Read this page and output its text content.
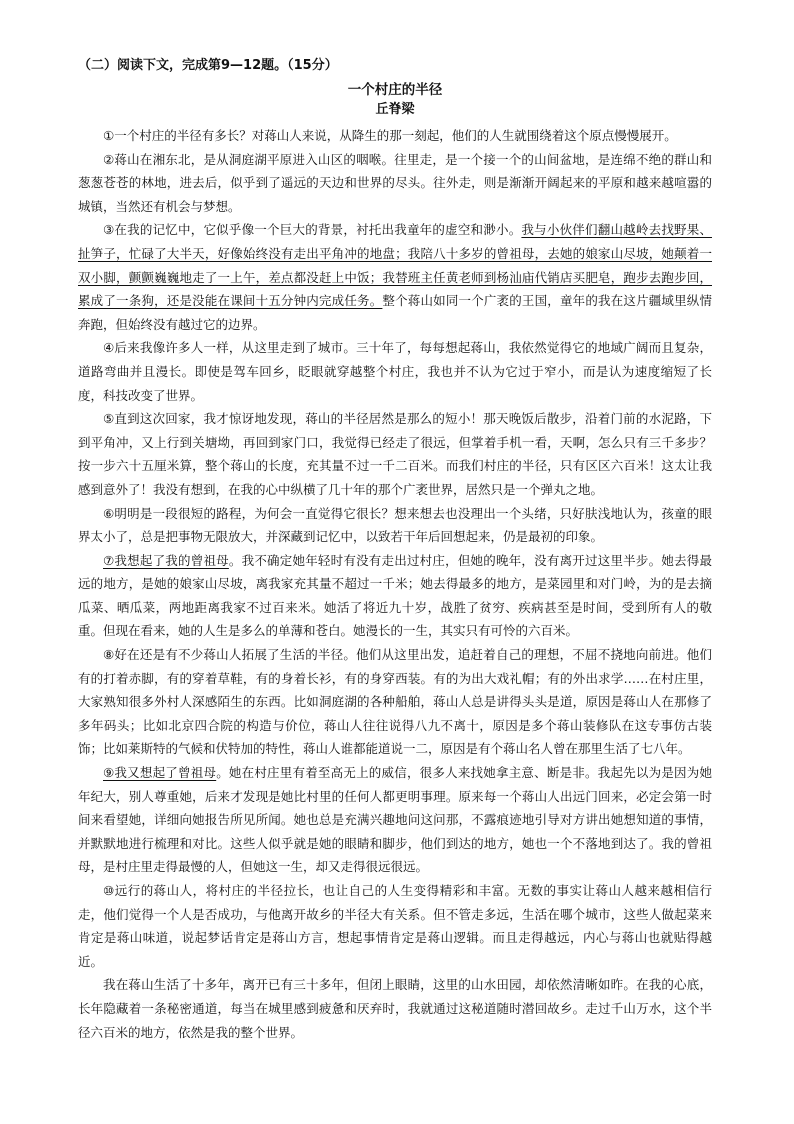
（二）阅读下文，完成第9—12题。（15分）

一个村庄的半径

丘脊梁

①一个村庄的半径有多长？对蒋山人来说，从降生的那一刻起，他们的人生就围绕着这个原点慢慢展开。

②蒋山在湘东北，是从洞庭湖平原进入山区的咽喉。往里走，是一个接一个的山间盆地，是连绵不绝的群山和葱葱苍苍的林地，进去后，似乎到了遥远的天边和世界的尽头。往外走，则是渐渐开阔起来的平原和越来越喧嚣的城镇，当然还有机会与梦想。

③在我的记忆中，它似乎像一个巨大的背景，衬托出我童年的虚空和渺小。我与小伙伴们翻山越岭去找野果、扯笋子，忙碌了大半天，好像始终没有走出平角冲的地盘；我陪八十多岁的曾祖母，去她的娘家山尽坡，她颠着一双小脚，颤颤巍巍地走了一上午，差点都没赶上中饭；我替班主任黄老师到杨汕庙代销店买肥皂，跑步去跑步回，累成了一条狗，还是没能在课间十五分钟内完成任务。整个蒋山如同一个广袤的王国，童年的我在这片疆域里纵情奔跑，但始终没有越过它的边界。

④后来我像许多人一样，从这里走到了城市。三十年了，每每想起蒋山，我依然觉得它的地域广阔而且复杂，道路弯曲并且漫长。即使是驾车回乡，眨眼就穿越整个村庄，我也并不认为它过于窄小，而是认为速度缩短了长度，科技改变了世界。

⑤直到这次回家，我才惊讶地发现，蒋山的半径居然是那么的短小！那天晚饭后散步，沿着门前的水泥路，下到平角冲，又上行到关塘坳，再回到家门口，我觉得已经走了很远，但掌着手机一看，天啊，怎么只有三千多步？按一步六十五厘米算，整个蒋山的长度，充其量不过一千二百米。而我们村庄的半径，只有区区六百米！这太让我感到意外了！我没有想到，在我的心中纵横了几十年的那个广袤世界，居然只是一个弹丸之地。

⑥明明是一段很短的路程，为何会一直觉得它很长？想来想去也没理出一个头绪，只好肤浅地认为，孩童的眼界太小了，总是把事物无限放大，并深藏到记忆中，以致若干年后回想起来，仍是最初的印象。

⑦我想起了我的曾祖母。我不确定她年轻时有没有走出过村庄，但她的晚年，没有离开过这里半步。她去得最远的地方，是她的娘家山尽坡，离我家充其量不超过一千米；她去得最多的地方，是菜园里和对门岭，为的是去摘瓜菜、晒瓜菜，两地距离我家不过百来米。她活了将近九十岁，战胜了贫穷、疾病甚至是时间，受到所有人的敬重。但现在看来，她的人生是多么的单薄和苍白。她漫长的一生，其实只有可怜的六百米。

⑧好在还是有不少蒋山人拓展了生活的半径。他们从这里出发，追赶着自己的理想，不屈不挠地向前进。他们有的打着赤脚，有的穿着草鞋，有的身着长衫，有的身穿西装。有的为出大戏礼帽；有的外出求学……在村庄里，大家熟知很多外村人深感陌生的东西。比如洞庭湖的各种船舶，蒋山人总是讲得头头是道，原因是蒋山人在那修了多年码头；比如北京四合院的构造与价位，蒋山人往往说得八九不离十，原因是多个蒋山装修队在这专事仿古装饰；比如莱斯特的气候和伏特加的特性，蒋山人谁都能道说一二，原因是有个蒋山名人曾在那里生活了七八年。

⑨我又想起了曾祖母。她在村庄里有着至高无上的威信，很多人来找她拿主意、断是非。我起先以为是因为她年纪大，别人尊重她，后来才发现是她比村里的任何人都更明事理。原来每一个蒋山人出远门回来，必定会第一时间来看望她，详细向她报告所见所闻。她也总是充满兴趣地问这问那，不露痕迹地引导对方讲出她想知道的事情，并默默地进行梳理和对比。这些人似乎就是她的眼睛和脚步，他们到达的地方，她也一个不落地到达了。我的曾祖母，是村庄里走得最慢的人，但她这一生，却又走得很远很远。

⑩远行的蒋山人，将村庄的半径拉长，也让自己的人生变得精彩和丰富。无数的事实让蒋山人越来越相信行走，他们觉得一个人是否成功，与他离开故乡的半径大有关系。但不管走多远，生活在哪个城市，这些人做起菜来肯定是蒋山味道，说起梦话肯定是蒋山方言，想起事情肯定是蒋山逻辑。而且走得越远，内心与蒋山也就贴得越近。

我在蒋山生活了十多年，离开已有三十多年，但闭上眼睛，这里的山水田园，却依然清晰如昨。在我的心底，长年隐藏着一条秘密通道，每当在城里感到疲惫和厌弃时，我就通过这秘道随时潜回故乡。走过千山万水，这个半径六百米的地方，依然是我的整个世界。
